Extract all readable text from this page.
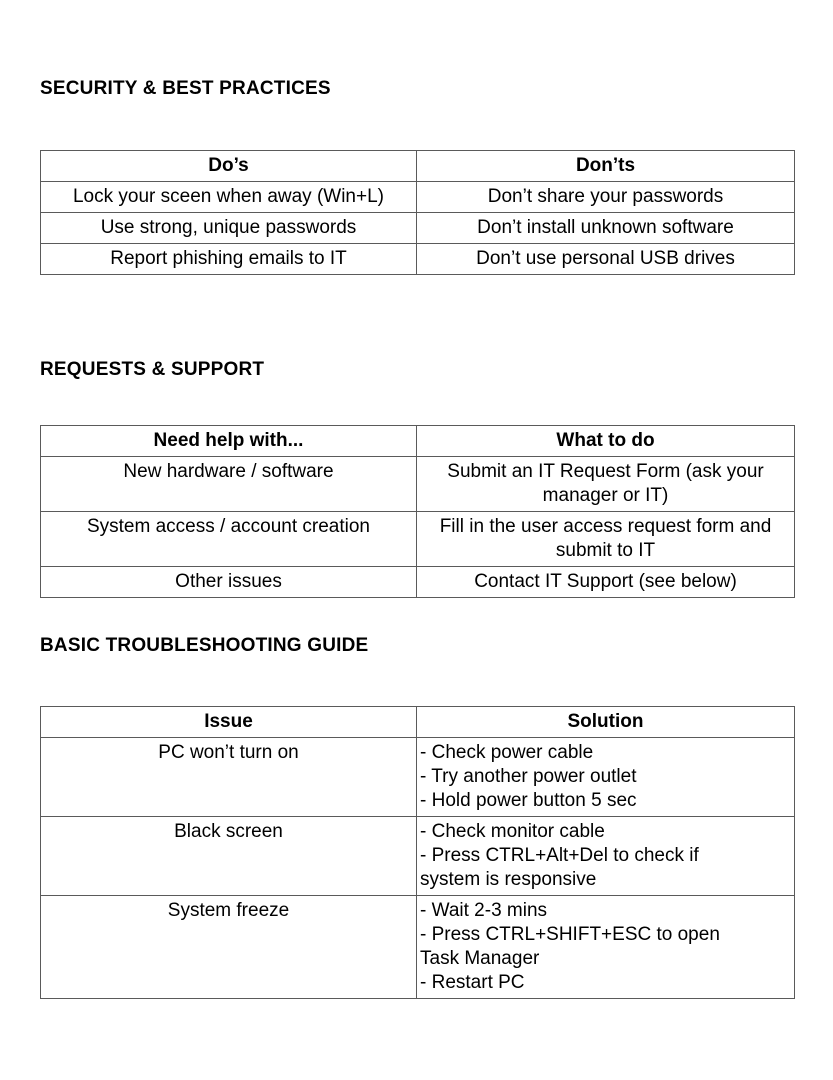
SECURITY & BEST PRACTICES
Do’s	Don’ts
Lock your sceen when away (Win+L)	Don’t share your passwords
Use strong, unique passwords	Don’t install unknown software
Report phishing emails to IT	Don’t use personal USB drives
REQUESTS & SUPPORT
Need help with...	What to do
New hardware / software	Submit an IT Request Form (ask your manager or IT)
System access / account creation	Fill in the user access request form and submit to IT
Other issues	Contact IT Support (see below)
BASIC TROUBLESHOOTING GUIDE
Issue	Solution
PC won’t turn on	- Check power cable
- Try another power outlet
- Hold power button 5 sec

Black screen	- Check monitor cable
- Press CTRL+Alt+Del to check if
system is responsive

System freeze	- Wait 2-3 mins
- Press CTRL+SHIFT+ESC to open
Task Manager
- Restart PC
